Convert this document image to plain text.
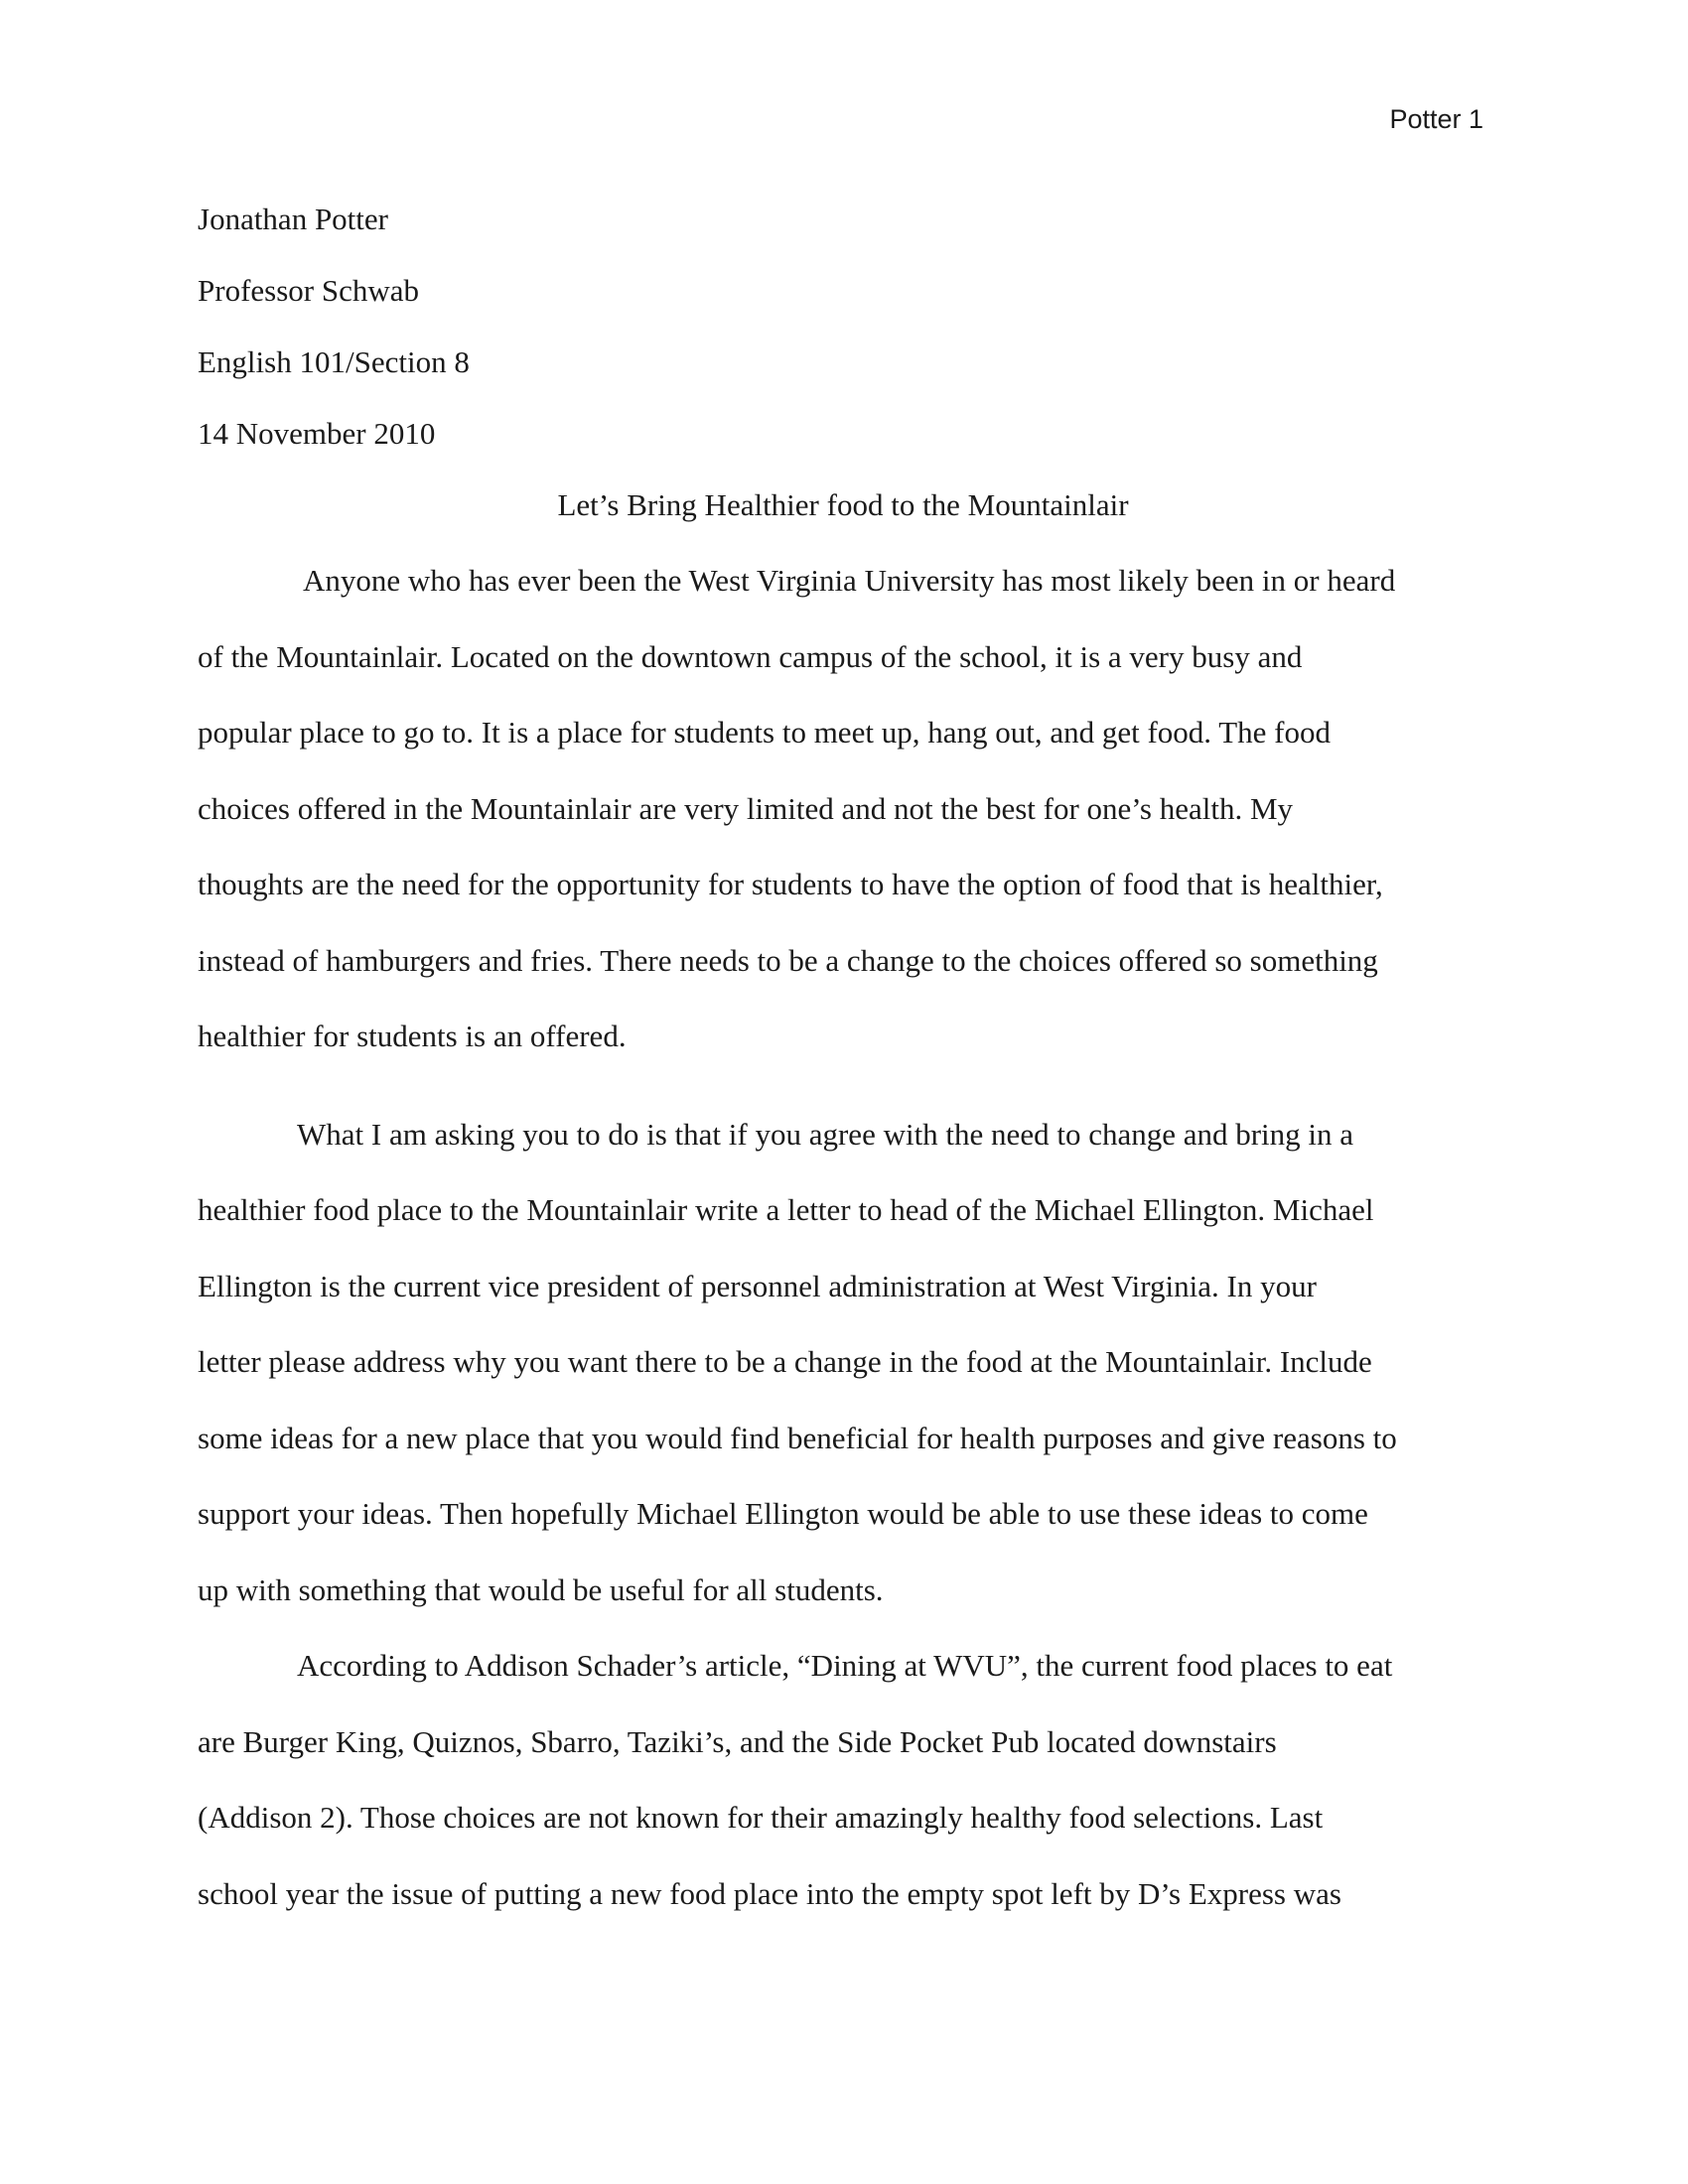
Potter 1
Jonathan Potter
Professor Schwab
English 101/Section 8
14 November 2010
Let’s Bring Healthier food to the Mountainlair
Anyone who has ever been the West Virginia University has most likely been in or heard
of the Mountainlair. Located on the downtown campus of the school, it is a very busy and
popular place to go to. It is a place for students to meet up, hang out, and get food. The food
choices offered in the Mountainlair are very limited and not the best for one’s health. My
thoughts are the need for the opportunity for students to have the option of food that is healthier,
instead of hamburgers and fries. There needs to be a change to the choices offered so something
healthier for students is an offered.
What I am asking you to do is that if you agree with the need to change and bring in a
healthier food place to the Mountainlair write a letter to head of the Michael Ellington. Michael
Ellington is the current vice president of personnel administration at West Virginia. In your
letter please address why you want there to be a change in the food at the Mountainlair. Include
some ideas for a new place that you would find beneficial for health purposes and give reasons to
support your ideas. Then hopefully Michael Ellington would be able to use these ideas to come
up with something that would be useful for all students.
According to Addison Schader’s article, “Dining at WVU”, the current food places to eat
are Burger King, Quiznos, Sbarro, Taziki’s, and the Side Pocket Pub located downstairs
(Addison 2). Those choices are not known for their amazingly healthy food selections. Last
school year the issue of putting a new food place into the empty spot left by D’s Express was
